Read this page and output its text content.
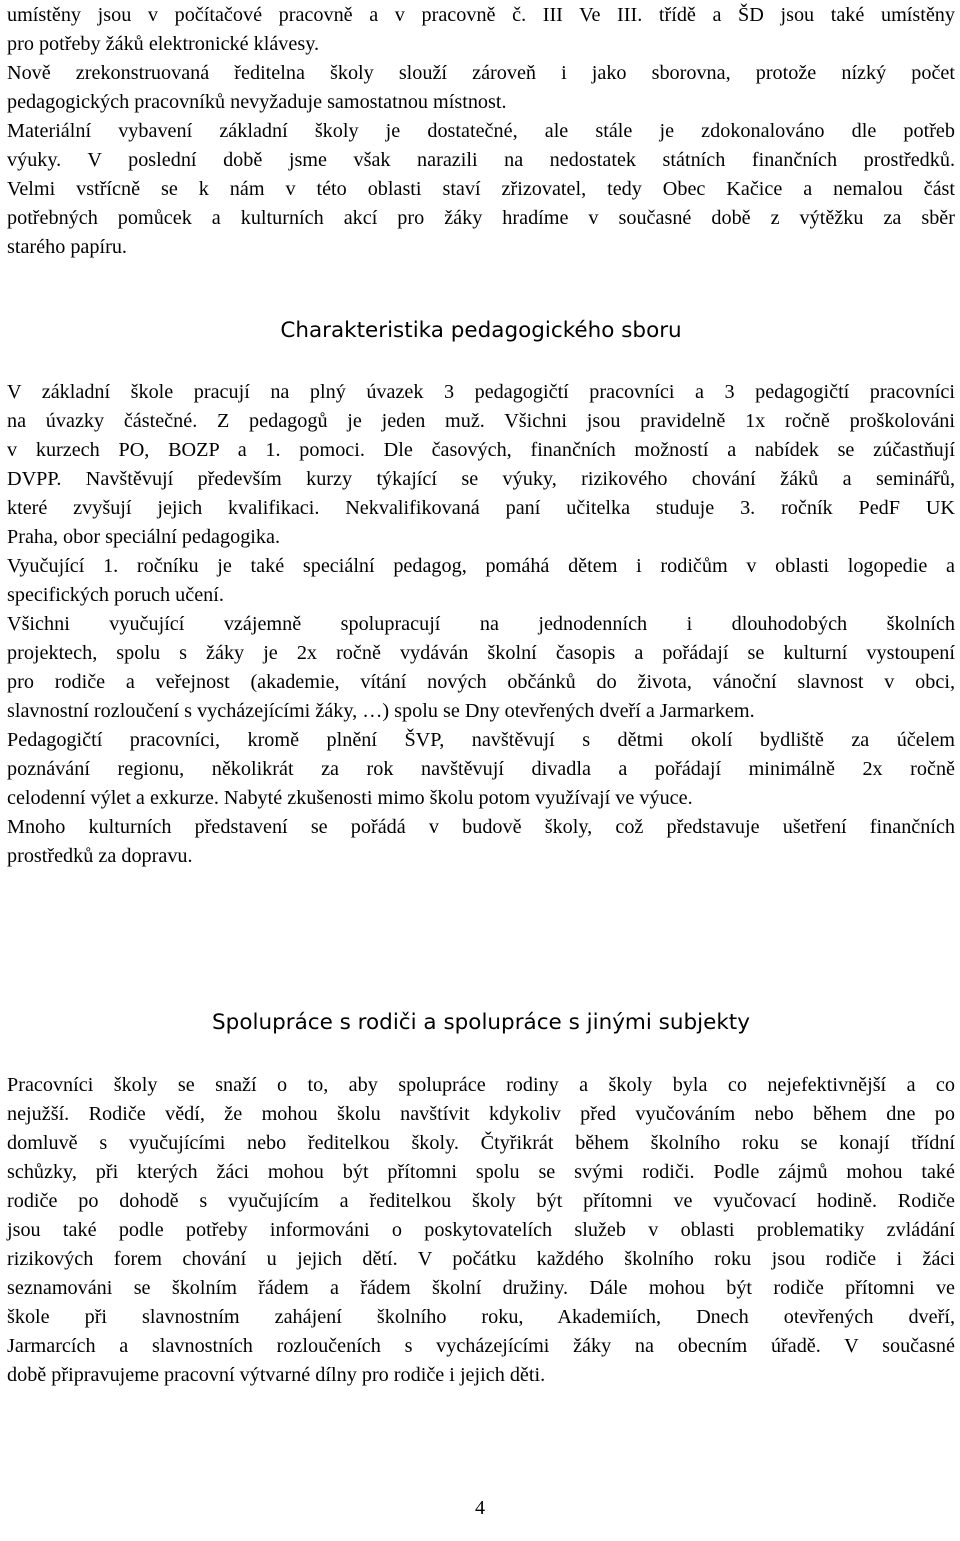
umístěny jsou v počítačové pracovně a v pracovně č. III Ve III. třídě a ŠD jsou také umístěny
pro potřeby žáků elektronické klávesy.
Nově zrekonstruovaná ředitelna školy slouží zároveň i jako sborovna, protože nízký počet
pedagogických pracovníků nevyžaduje samostatnou místnost.
Materiální vybavení základní školy je dostatečné, ale stále je zdokonalováno dle potřeb
výuky. V poslední době jsme však narazili na nedostatek státních finančních prostředků.
Velmi vstřícně se k nám v této oblasti staví zřizovatel, tedy Obec Kačice a nemalou část
potřebných pomůcek a kulturních akcí pro žáky hradíme v současné době z výtěžku za sběr
starého papíru.

Charakteristika pedagogického sboru

V základní škole pracují na plný úvazek 3 pedagogičtí pracovníci a 3 pedagogičtí pracovníci
na úvazky částečné. Z pedagogů je jeden muž. Všichni jsou pravidelně 1x ročně proškolováni
v kurzech PO, BOZP a 1. pomoci. Dle časových, finančních možností a nabídek se zúčastňují
DVPP. Navštěvují především kurzy týkající se výuky, rizikového chování žáků a seminářů,
které zvyšují jejich kvalifikaci. Nekvalifikovaná paní učitelka studuje 3. ročník PedF UK
Praha, obor speciální pedagogika.
Vyučující 1. ročníku je také speciální pedagog, pomáhá dětem i rodičům v oblasti logopedie a
specifických poruch učení.
Všichni vyučující vzájemně spolupracují na jednodenních i dlouhodobých školních
projektech, spolu s žáky je 2x ročně vydáván školní časopis a pořádají se kulturní vystoupení
pro rodiče a veřejnost (akademie, vítání nových občánků do života, vánoční slavnost v obci,
slavnostní rozloučení s vycházejícími žáky, …) spolu se Dny otevřených dveří a Jarmarkem.
Pedagogičtí pracovníci, kromě plnění ŠVP, navštěvují s dětmi okolí bydliště za účelem
poznávání regionu, několikrát za rok navštěvují divadla a pořádají minimálně 2x ročně
celodenní výlet a exkurze. Nabyté zkušenosti mimo školu potom využívají ve výuce.
Mnoho kulturních představení se pořádá v budově školy, což představuje ušetření finančních
prostředků za dopravu.

Spolupráce s rodiči a spolupráce s jinými subjekty

Pracovníci školy se snaží o to, aby spolupráce rodiny a školy byla co nejefektivnější a co
nejužší. Rodiče vědí, že mohou školu navštívit kdykoliv před vyučováním nebo během dne po
domluvě s vyučujícími nebo ředitelkou školy. Čtyřikrát během školního roku se konají třídní
schůzky, při kterých žáci mohou být přítomni spolu se svými rodiči. Podle zájmů mohou také
rodiče po dohodě s vyučujícím a ředitelkou školy být přítomni ve vyučovací hodině. Rodiče
jsou také podle potřeby informováni o poskytovatelích služeb v oblasti problematiky zvládání
rizikových forem chování u jejich dětí. V počátku každého školního roku jsou rodiče i žáci
seznamováni se školním řádem a řádem školní družiny. Dále mohou být rodiče přítomni ve
škole při slavnostním zahájení školního roku, Akademiích, Dnech otevřených dveří,
Jarmarcích a slavnostních rozloučeních s vycházejícími žáky na obecním úřadě. V současné
době připravujeme pracovní výtvarné dílny pro rodiče i jejich děti.

4
